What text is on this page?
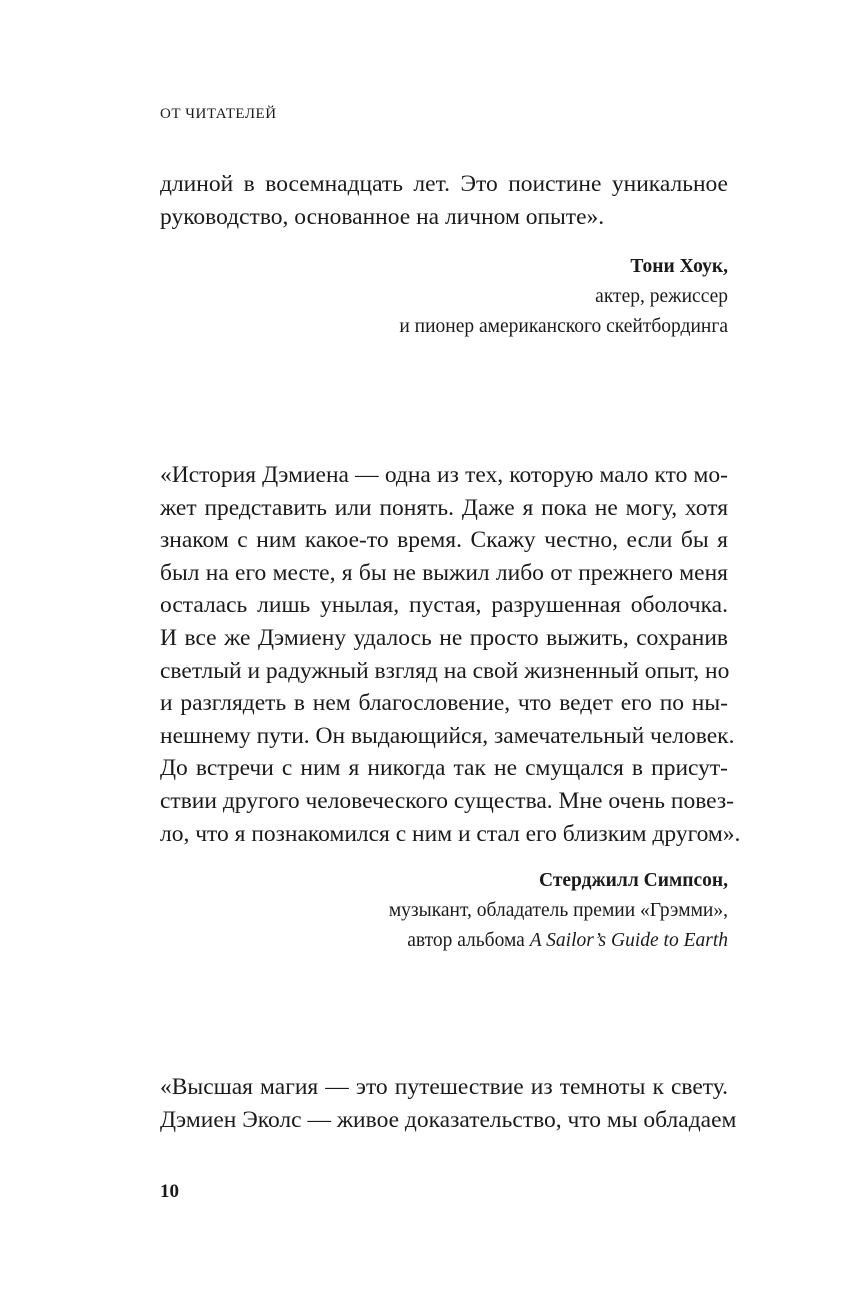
ОТ ЧИТАТЕЛЕЙ

длиной в восемнадцать лет. Это поистине уникальное
руководство, основанное на личном опыте».

Тони Хоук,
актер, режиссер
и пионер американского скейтбординга

«История Дэмиена — одна из тех, которую мало кто мо-
жет представить или понять. Даже я пока не могу, хотя
знаком с ним какое-то время. Скажу честно, если бы я
был на его месте, я бы не выжил либо от прежнего меня
осталась лишь унылая, пустая, разрушенная оболочка.
И все же Дэмиену удалось не просто выжить, сохранив
светлый и радужный взгляд на свой жизненный опыт, но
и разглядеть в нем благословение, что ведет его по ны-
нешнему пути. Он выдающийся, замечательный человек.
До встречи с ним я никогда так не смущался в присут-
ствии другого человеческого существа. Мне очень повез-
ло, что я познакомился с ним и стал его близким другом».

Стерджилл Симпсон,
музыкант, обладатель премии «Грэмми»,
автор альбома A Sailor’s Guide to Earth

«Высшая магия — это путешествие из темноты к свету.
Дэмиен Эколс — живое доказательство, что мы обладаем

10
